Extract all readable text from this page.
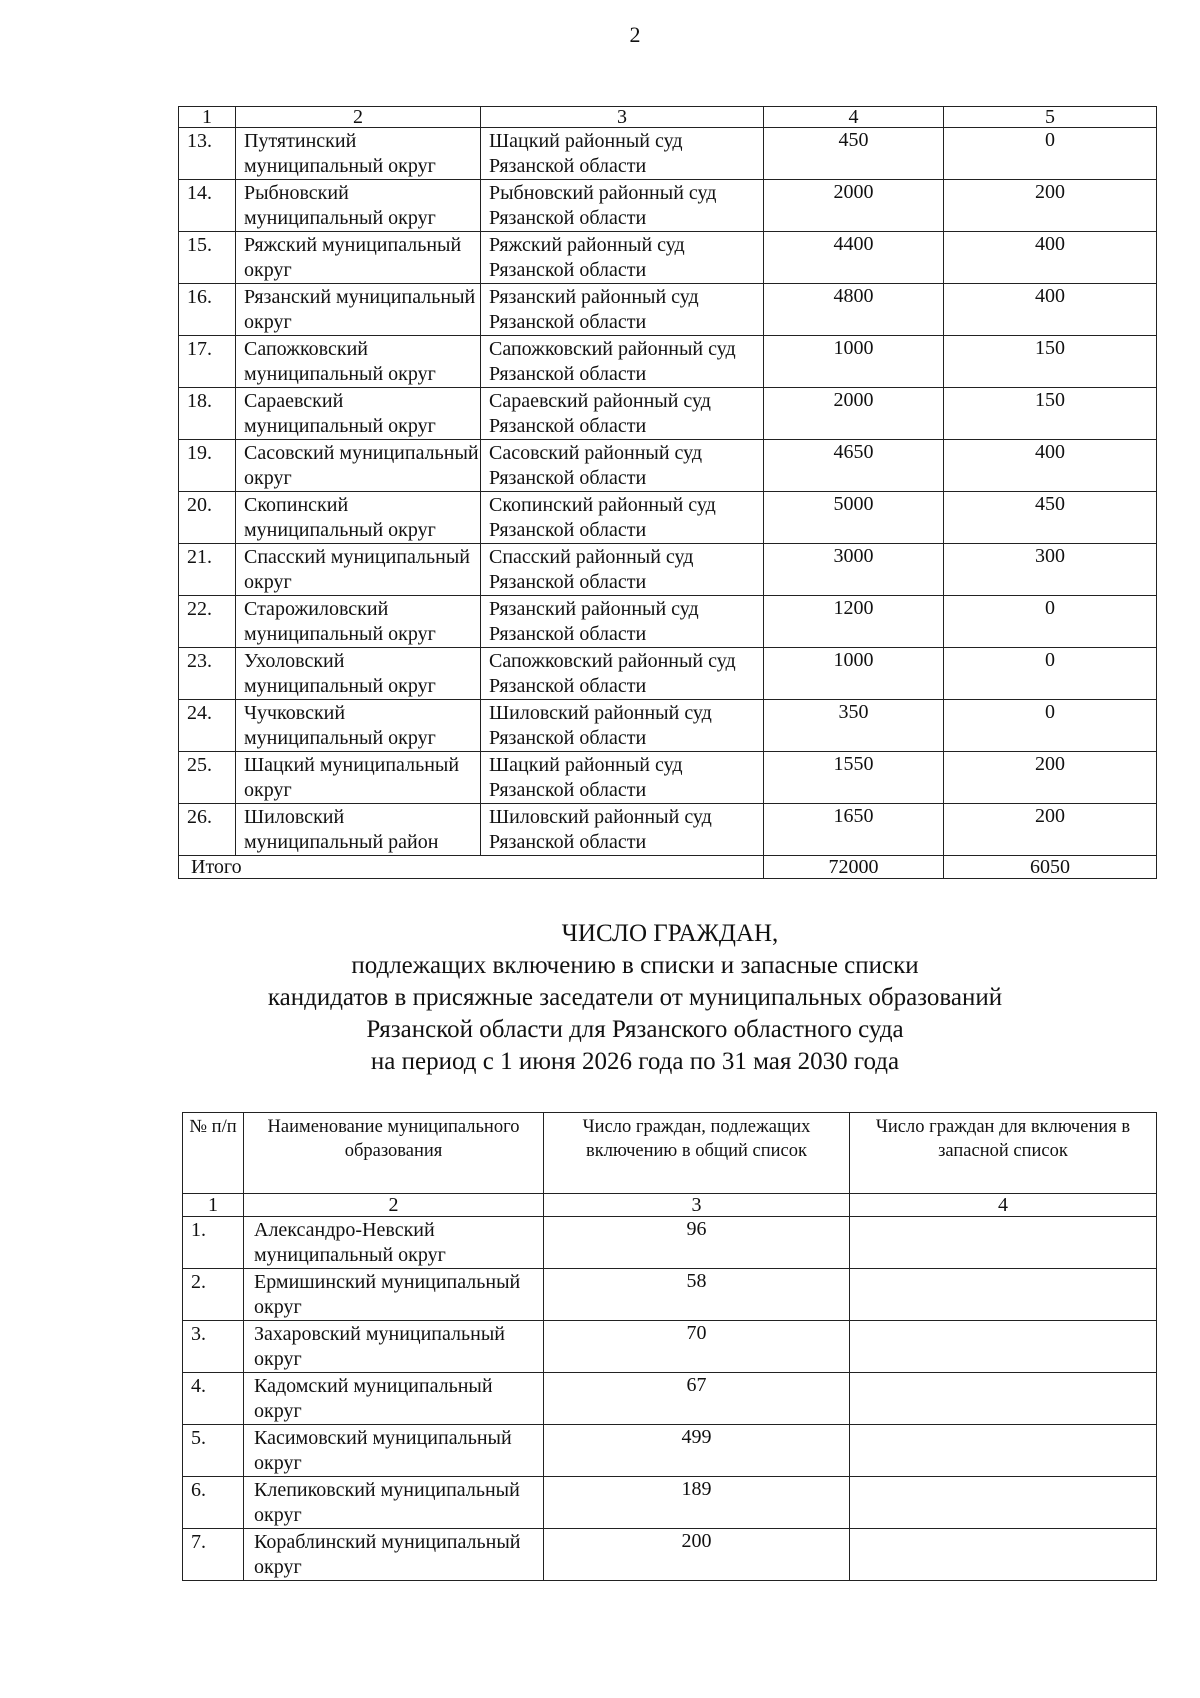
2
1	2	3	4	5
13.	Путятинский муниципальный округ	Шацкий районный суд Рязанской области	450	0
14.	Рыбновский муниципальный округ	Рыбновский районный суд Рязанской области	2000	200
15.	Ряжский муниципальный округ	Ряжский районный суд Рязанской области	4400	400
16.	Рязанский муниципальный округ	Рязанский районный суд Рязанской области	4800	400
17.	Сапожковский муниципальный округ	Сапожковский районный суд Рязанской области	1000	150
18.	Сараевский муниципальный округ	Сараевский районный суд Рязанской области	2000	150
19.	Сасовский муниципальный округ	Сасовский районный суд Рязанской области	4650	400
20.	Скопинский муниципальный округ	Скопинский районный суд Рязанской области	5000	450
21.	Спасский муниципальный округ	Спасский районный суд Рязанской области	3000	300
22.	Старожиловский муниципальный округ	Рязанский районный суд Рязанской области	1200	0
23.	Ухоловский муниципальный округ	Сапожковский районный суд Рязанской области	1000	0
24.	Чучковский муниципальный округ	Шиловский районный суд Рязанской области	350	0
25.	Шацкий муниципальный округ	Шацкий районный суд Рязанской области	1550	200
26.	Шиловский муниципальный район	Шиловский районный суд Рязанской области	1650	200
Итого			72000	6050
ЧИСЛО ГРАЖДАН,
подлежащих включению в списки и запасные списки
кандидатов в присяжные заседатели от муниципальных образований
Рязанской области для Рязанского областного суда
на период с 1 июня 2026 года по 31 мая 2030 года
№ п/п	Наименование муниципального образования	Число граждан, подлежащих включению в общий список	Число граждан для включения в запасной список
1	2	3	4
1.	Александро-Невский муниципальный округ	96	
2.	Ермишинский муниципальный округ	58	
3.	Захаровский муниципальный округ	70	
4.	Кадомский муниципальный округ	67	
5.	Касимовский муниципальный округ	499	
6.	Клепиковский муниципальный округ	189	
7.	Кораблинский муниципальный округ	200	
